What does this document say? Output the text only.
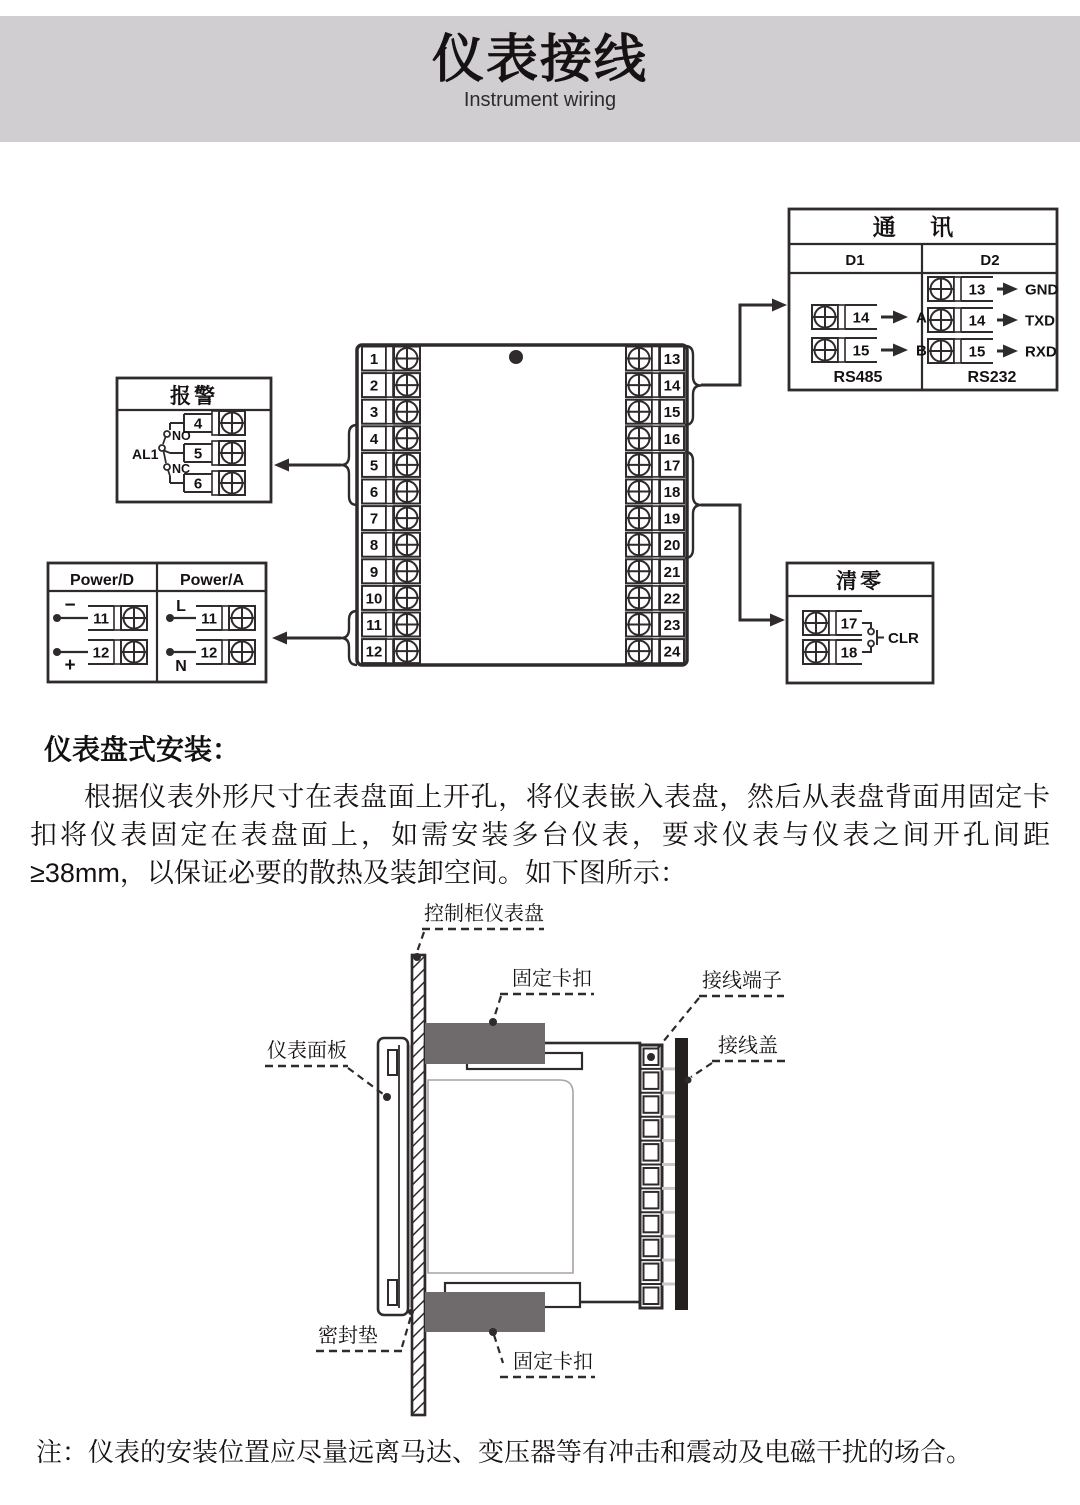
仪表接线
Instrument wiring
1
2
3
4
5
6
7
8
9
10
11
12
13
14
15
16
17
18
19
20
21
22
23
24
通 讯
D1	D2
14	A
15	B
13	GND
14	TXD
15	RXD
RS485	RS232
报警
4
5
6
NO
NC
AL1
Power/D	Power/A
−
11
+
12
L
11
N
12
清零
17
18
CLR
仪表盘式安装：
根据仪表外形尺寸在表盘面上开孔，将仪表嵌入表盘，然后从表盘背面用固定卡扣将仪表固定在表盘面上，如需安装多台仪表，要求仪表与仪表之间开孔间距≥38mm，以保证必要的散热及装卸空间。如下图所示：
控制柜仪表盘
固定卡扣	接线端子
接线盖
仪表面板
密封垫
固定卡扣
注：仪表的安装位置应尽量远离马达、变压器等有冲击和震动及电磁干扰的场合。
